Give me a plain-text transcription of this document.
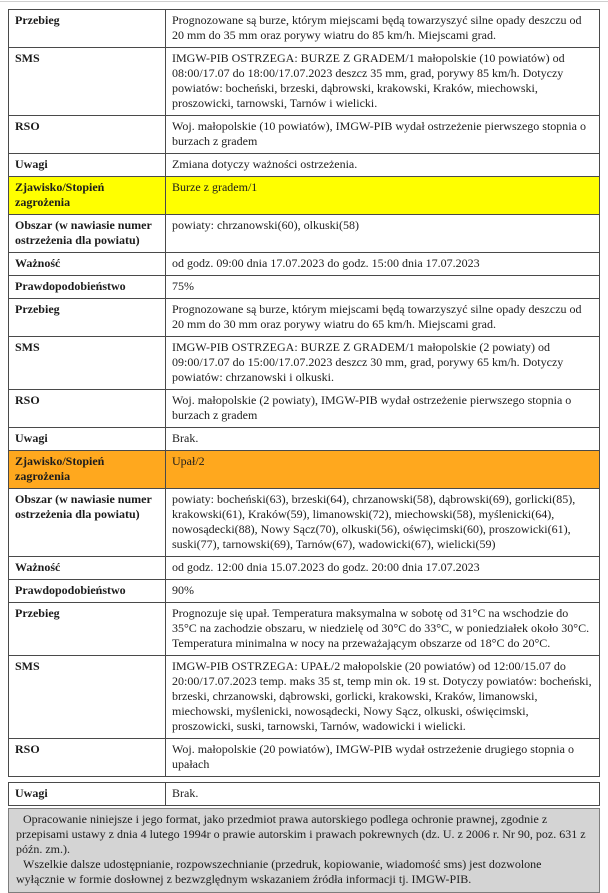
Przebieg	Prognozowane są burze, którym miejscami będą towarzyszyć silne opady deszczu od 20 mm do 35 mm oraz porywy wiatru do 85 km/h. Miejscami grad.
SMS	IMGW-PIB OSTRZEGA: BURZE Z GRADEM/1 małopolskie (10 powiatów) od 08:00/17.07 do 18:00/17.07.2023 deszcz 35 mm, grad, porywy 85 km/h. Dotyczy powiatów: bocheński, brzeski, dąbrowski, krakowski, Kraków, miechowski, proszowicki, tarnowski, Tarnów i wielicki.
RSO	Woj. małopolskie (10 powiatów), IMGW-PIB wydał ostrzeżenie pierwszego stopnia o burzach z gradem
Uwagi	Zmiana dotyczy ważności ostrzeżenia.
Zjawisko/Stopień zagrożenia	Burze z gradem/1
Obszar (w nawiasie numer ostrzeżenia dla powiatu)	powiaty: chrzanowski(60), olkuski(58)
Ważność	od godz. 09:00 dnia 17.07.2023 do godz. 15:00 dnia 17.07.2023
Prawdopodobieństwo	75%
Przebieg	Prognozowane są burze, którym miejscami będą towarzyszyć silne opady deszczu od 20 mm do 30 mm oraz porywy wiatru do 65 km/h. Miejscami grad.
SMS	IMGW-PIB OSTRZEGA: BURZE Z GRADEM/1 małopolskie (2 powiaty) od 09:00/17.07 do 15:00/17.07.2023 deszcz 30 mm, grad, porywy 65 km/h. Dotyczy powiatów: chrzanowski i olkuski.
RSO	Woj. małopolskie (2 powiaty), IMGW-PIB wydał ostrzeżenie pierwszego stopnia o burzach z gradem
Uwagi	Brak.
Zjawisko/Stopień zagrożenia	Upał/2
Obszar (w nawiasie numer ostrzeżenia dla powiatu)	powiaty: bocheński(63), brzeski(64), chrzanowski(58), dąbrowski(69), gorlicki(85), krakowski(61), Kraków(59), limanowski(72), miechowski(58), myślenicki(64), nowosądecki(88), Nowy Sącz(70), olkuski(56), oświęcimski(60), proszowicki(61), suski(77), tarnowski(69), Tarnów(67), wadowicki(67), wielicki(59)
Ważność	od godz. 12:00 dnia 15.07.2023 do godz. 20:00 dnia 17.07.2023
Prawdopodobieństwo	90%
Przebieg	Prognozuje się upał. Temperatura maksymalna w sobotę od 31°C na wschodzie do 35°C na zachodzie obszaru, w niedzielę od 30°C do 33°C, w poniedziałek około 30°C. Temperatura minimalna w nocy na przeważającym obszarze od 18°C do 20°C.
SMS	IMGW-PIB OSTRZEGA: UPAŁ/2 małopolskie (20 powiatów) od 12:00/15.07 do 20:00/17.07.2023 temp. maks 35 st, temp min ok. 19 st. Dotyczy powiatów: bocheński, brzeski, chrzanowski, dąbrowski, gorlicki, krakowski, Kraków, limanowski, miechowski, myślenicki, nowosądecki, Nowy Sącz, olkuski, oświęcimski, proszowicki, suski, tarnowski, Tarnów, wadowicki i wielicki.
RSO	Woj. małopolskie (20 powiatów), IMGW-PIB wydał ostrzeżenie drugiego stopnia o upałach
Uwagi	Brak.

Opracowanie niniejsze i jego format, jako przedmiot prawa autorskiego podlega ochronie prawnej, zgodnie z przepisami ustawy z dnia 4 lutego 1994r o prawie autorskim i prawach pokrewnych (dz. U. z 2006 r. Nr 90, poz. 631 z późn. zm.).

Wszelkie dalsze udostępnianie, rozpowszechnianie (przedruk, kopiowanie, wiadomość sms) jest dozwolone wyłącznie w formie dosłownej z bezwzględnym wskazaniem źródła informacji tj. IMGW-PIB.
